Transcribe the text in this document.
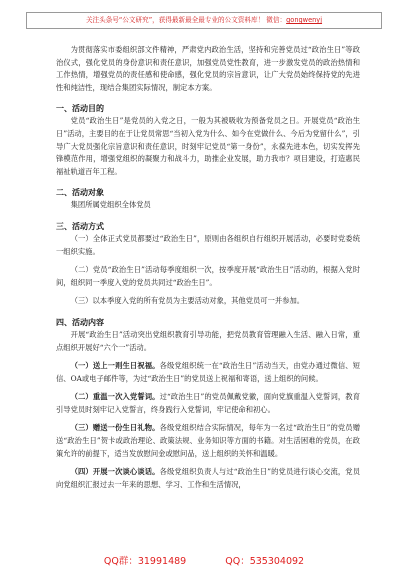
关注头条号“公文研究”，获得最新最全最专业的公文资料库！ 微信：gongwenyj

为贯彻落实市委组织部文件精神，严肃党内政治生活，坚持和完善党员过“政治生日”等政治仪式，强化党员的身份意识和责任意识，加强党员党性教育，进一步激发党员的政治热情和工作热情，增强党员的责任感和使命感，强化党员的宗旨意识，让广大党员始终保持党的先进性和纯洁性，现结合集团实际情况，制定本方案。

一、活动目的

党员“政治生日”是党员的入党之日，一般为其被吸收为预备党员之日。开展党员“政治生日”活动，主要目的在于让党员常思“当初入党为什么、如今在党做什么、今后为党留什么”，引导广大党员强化宗旨意识和责任意识，时刻牢记党员“第一身份”，永葆先进本色，切实发挥先锋模范作用，增强党组织的凝聚力和战斗力，助推企业发展，助力我市？项目建设，打造惠民福祉轨道百年工程。

二、活动对象

集团所属党组织全体党员

三、活动方式

（一）全体正式党员都要过“政治生日”，原则由各组织自行组织开展活动，必要时党委统一组织实施。

（二）党员“政治生日”活动每季度组织一次，按季度开展“政治生日”活动的，根据入党时间，组织同一季度入党的党员共同过“政治生日”。

（三）以本季度入党的所有党员为主要活动对象，其他党员可一并参加。

四、活动内容

开展“政治生日”活动突出党组织教育引导功能，把党员教育管理融入生活、融入日常，重点组织开展好“六个一”活动。

（一）送上一则生日祝福。各级党组织统一在“政治生日”活动当天，由党办通过微信、短信、OA或电子邮件等，为过“政治生日”的党员送上祝福和寄语，送上组织的问候。

（二）重温一次入党誓词。过“政治生日”的党员佩戴党徽，面向党旗重温入党誓词，教育引导党员时刻牢记入党誓言，终身践行入党誓词，牢记使命和初心。

（三）赠送一份生日礼物。各级党组织结合实际情况，每年为一名过“政治生日”的党员赠送“政治生日”贺卡或政治理论、政策法规、业务知识等方面的书籍。对生活困难的党员，在政策允许的前提下，适当发放慰问金或慰问品，送上组织的关怀和温暖。

（四）开展一次谈心谈话。各级党组织负责人与过“政治生日”的党员进行谈心交流，党员向党组织汇报过去一年来的思想、学习、工作和生活情况，

QQ群：31991489	QQ：535304092
